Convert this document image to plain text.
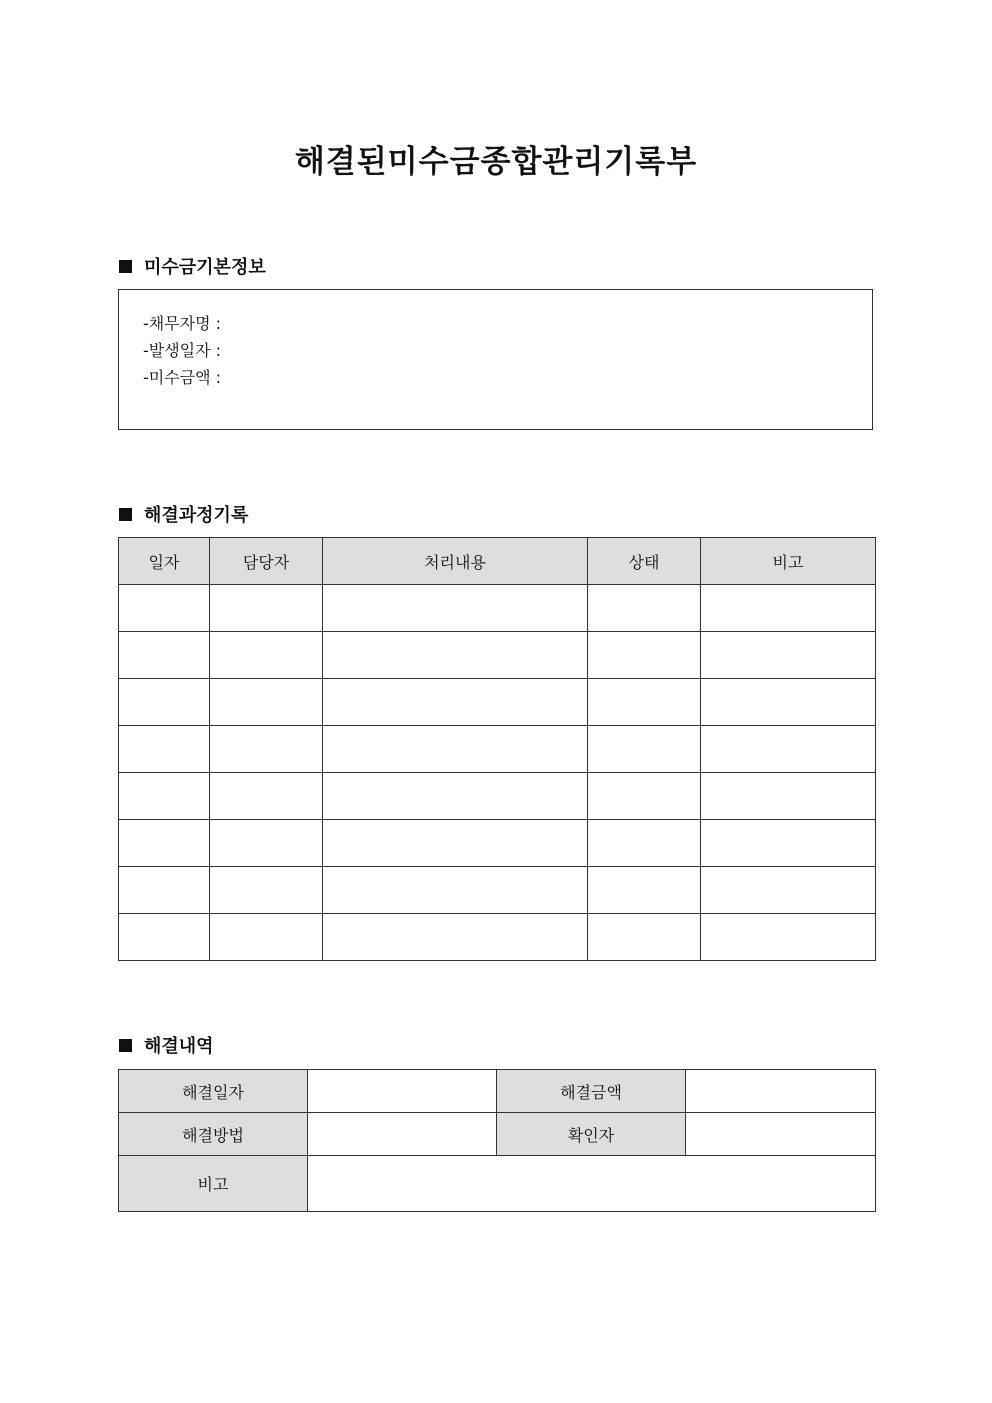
해결된미수금종합관리기록부
미수금기본정보
-채무자명 :
-발생일자 :
-미수금액 :
해결과정기록
일자	담당자	처리내용	상태	비고

해결내역
해결일자		해결금액	
해결방법		확인자	
비고			
